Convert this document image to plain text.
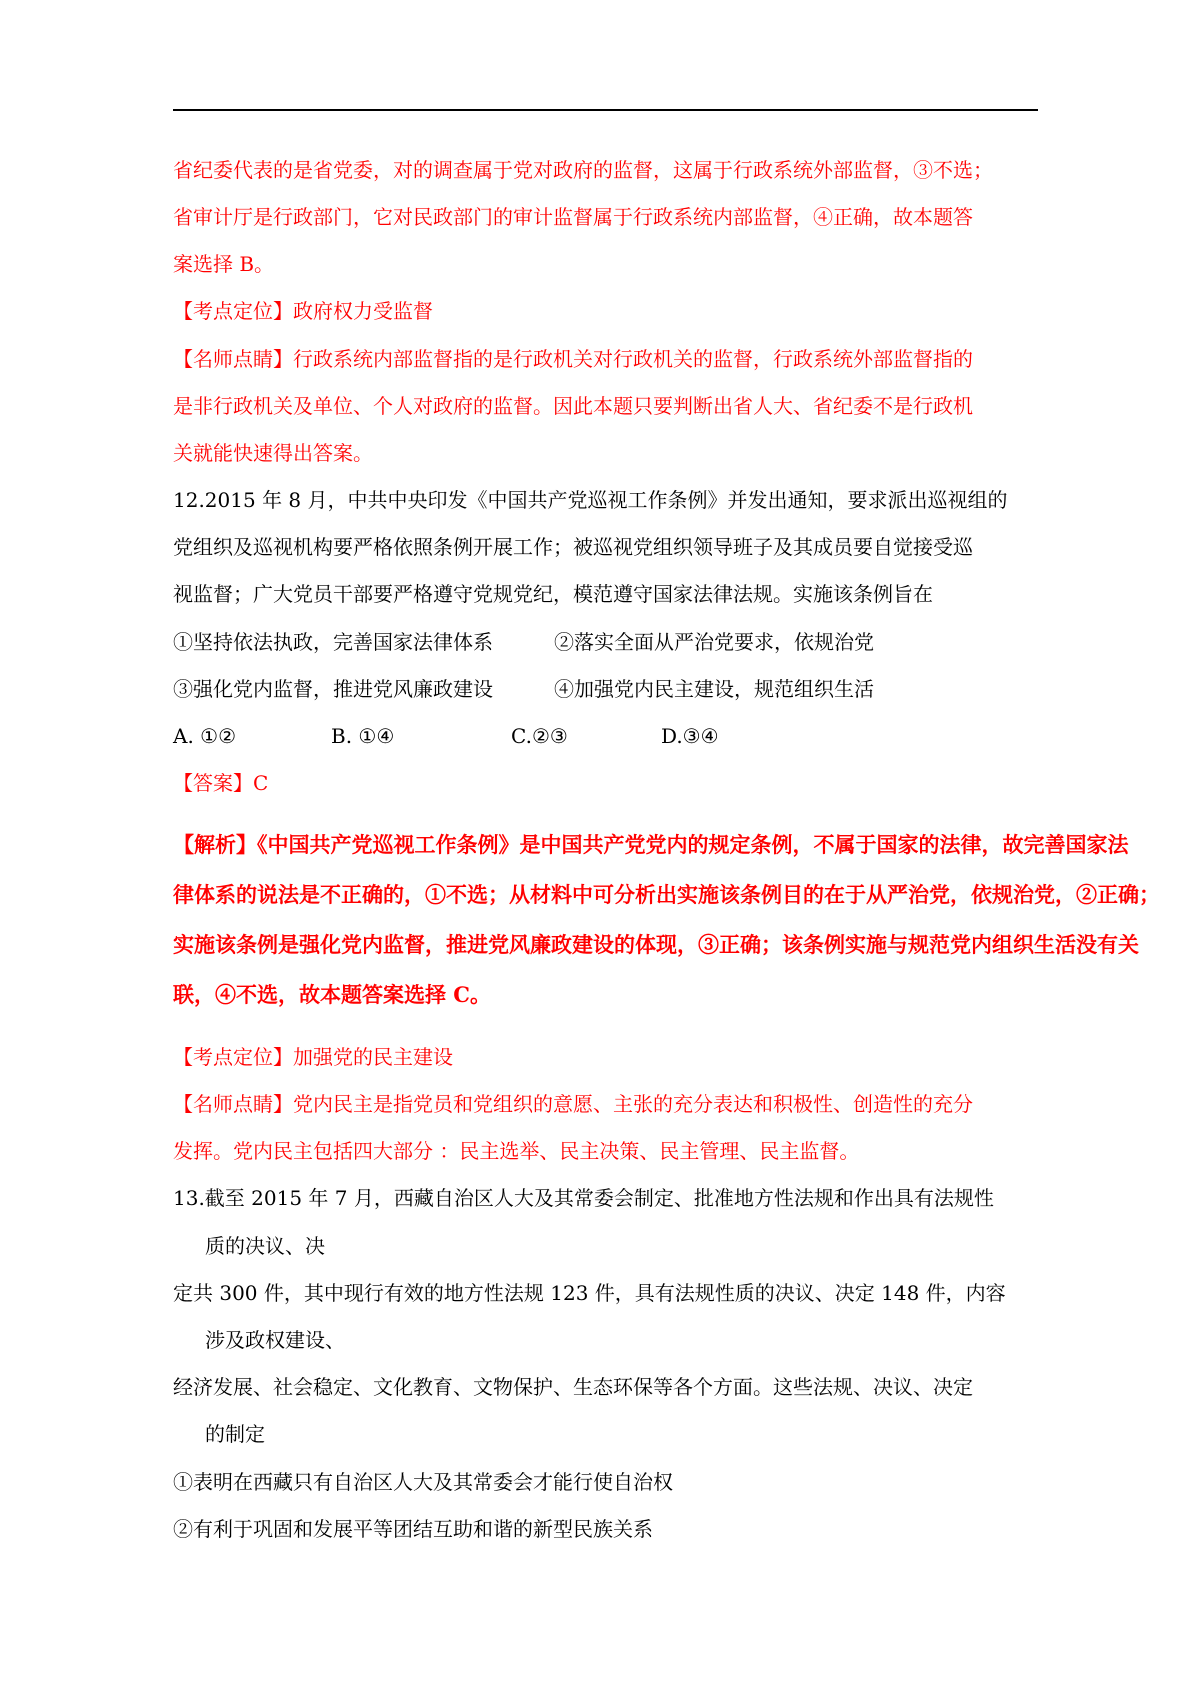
省纪委代表的是省党委，对的调查属于党对政府的监督，这属于行政系统外部监督，③不选；
省审计厅是行政部门，它对民政部门的审计监督属于行政系统内部监督，④正确，故本题答
案选择 B。
【考点定位】政府权力受监督
【名师点睛】行政系统内部监督指的是行政机关对行政机关的监督，行政系统外部监督指的
是非行政机关及单位、个人对政府的监督。因此本题只要判断出省人大、省纪委不是行政机
关就能快速得出答案。
12.2015 年 8 月，中共中央印发《中国共产党巡视工作条例》并发出通知，要求派出巡视组的
党组织及巡视机构要严格依照条例开展工作；被巡视党组织领导班子及其成员要自觉接受巡
视监督；广大党员干部要严格遵守党规党纪，模范遵守国家法律法规。实施该条例旨在
①坚持依法执政，完善国家法律体系	②落实全面从严治党要求，依规治党
③强化党内监督，推进党风廉政建设	④加强党内民主建设，规范组织生活
A. ①②	B. ①④	C.②③	D.③④
【答案】C
【解析】《中国共产党巡视工作条例》是中国共产党党内的规定条例，不属于国家的法律，故完善国家法
律体系的说法是不正确的，①不选；从材料中可分析出实施该条例目的在于从严治党，依规治党，②正确；
实施该条例是强化党内监督，推进党风廉政建设的体现，③正确；该条例实施与规范党内组织生活没有关
联，④不选，故本题答案选择 C。
【考点定位】加强党的民主建设
【名师点睛】党内民主是指党员和党组织的意愿、主张的充分表达和积极性、创造性的充分
发挥。党内民主包括四大部分 ：民主选举、民主决策、民主管理、民主监督。
13.截至 2015 年 7 月，西藏自治区人大及其常委会制定、批准地方性法规和作出具有法规性
质的决议、决
定共 300 件，其中现行有效的地方性法规 123 件，具有法规性质的决议、决定 148 件，内容
涉及政权建设、
经济发展、社会稳定、文化教育、文物保护、生态环保等各个方面。这些法规、决议、决定
的制定
①表明在西藏只有自治区人大及其常委会才能行使自治权
②有利于巩固和发展平等团结互助和谐的新型民族关系
